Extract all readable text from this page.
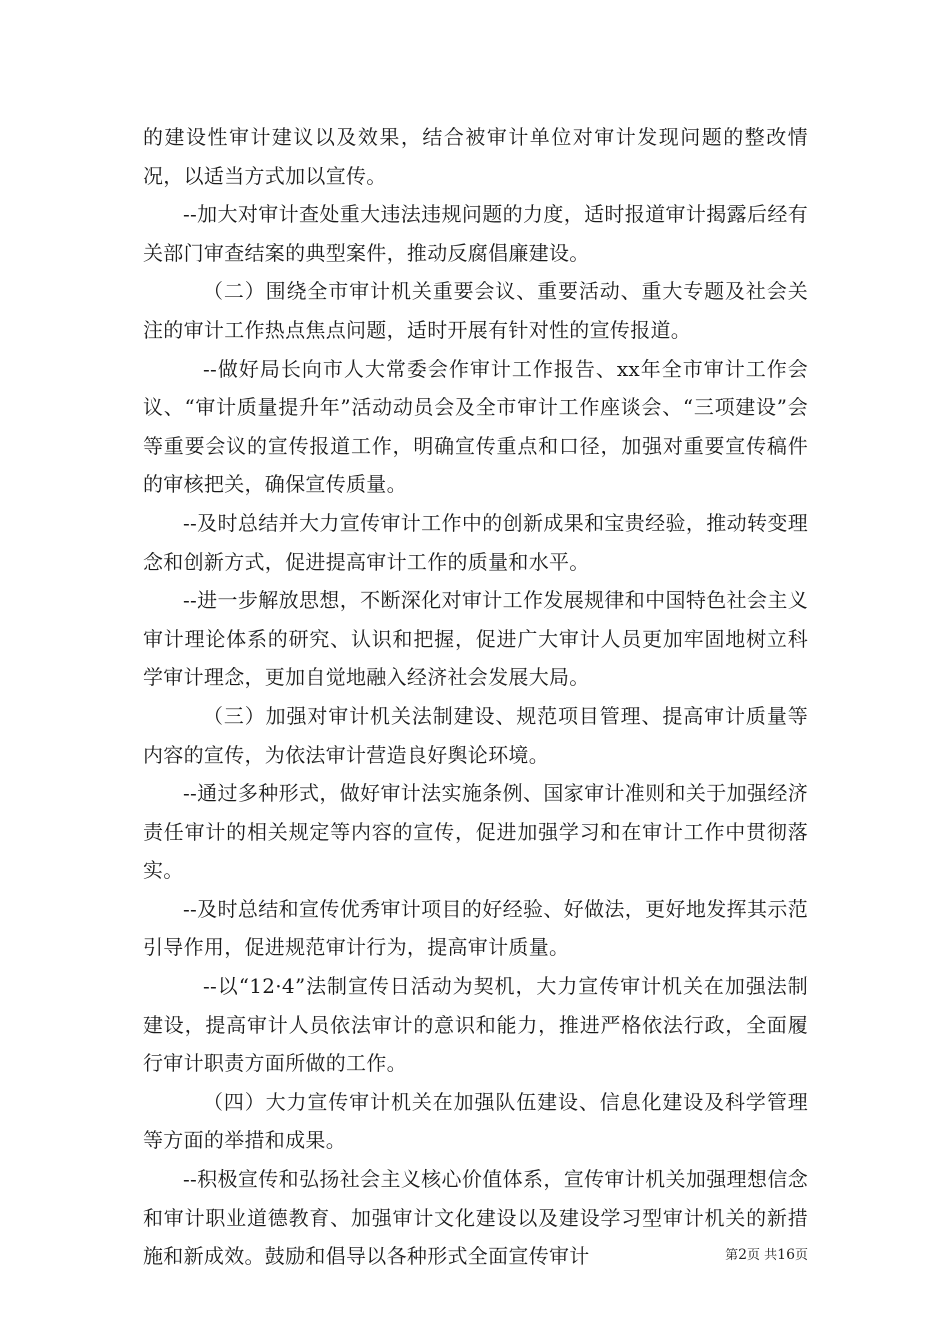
的建设性审计建议以及效果，结合被审计单位对审计发现问题的整改情况，以适当方式加以宣传。

--加大对审计查处重大违法违规问题的力度，适时报道审计揭露后经有关部门审查结案的典型案件，推动反腐倡廉建设。

（二）围绕全市审计机关重要会议、重要活动、重大专题及社会关注的审计工作热点焦点问题，适时开展有针对性的宣传报道。

--做好局长向市人大常委会作审计工作报告、xx年全市审计工作会议、“审计质量提升年”活动动员会及全市审计工作座谈会、“三项建设”会等重要会议的宣传报道工作，明确宣传重点和口径，加强对重要宣传稿件的审核把关，确保宣传质量。

--及时总结并大力宣传审计工作中的创新成果和宝贵经验，推动转变理念和创新方式，促进提高审计工作的质量和水平。

--进一步解放思想，不断深化对审计工作发展规律和中国特色社会主义审计理论体系的研究、认识和把握，促进广大审计人员更加牢固地树立科学审计理念，更加自觉地融入经济社会发展大局。

（三）加强对审计机关法制建设、规范项目管理、提高审计质量等内容的宣传，为依法审计营造良好舆论环境。

--通过多种形式，做好审计法实施条例、国家审计准则和关于加强经济责任审计的相关规定等内容的宣传，促进加强学习和在审计工作中贯彻落实。

--及时总结和宣传优秀审计项目的好经验、好做法，更好地发挥其示范引导作用，促进规范审计行为，提高审计质量。

--以“12·4”法制宣传日活动为契机，大力宣传审计机关在加强法制建设，提高审计人员依法审计的意识和能力，推进严格依法行政，全面履行审计职责方面所做的工作。

（四）大力宣传审计机关在加强队伍建设、信息化建设及科学管理等方面的举措和成果。

--积极宣传和弘扬社会主义核心价值体系，宣传审计机关加强理想信念和审计职业道德教育、加强审计文化建设以及建设学习型审计机关的新措施和新成效。鼓励和倡导以各种形式全面宣传审计	第2页 共16页
